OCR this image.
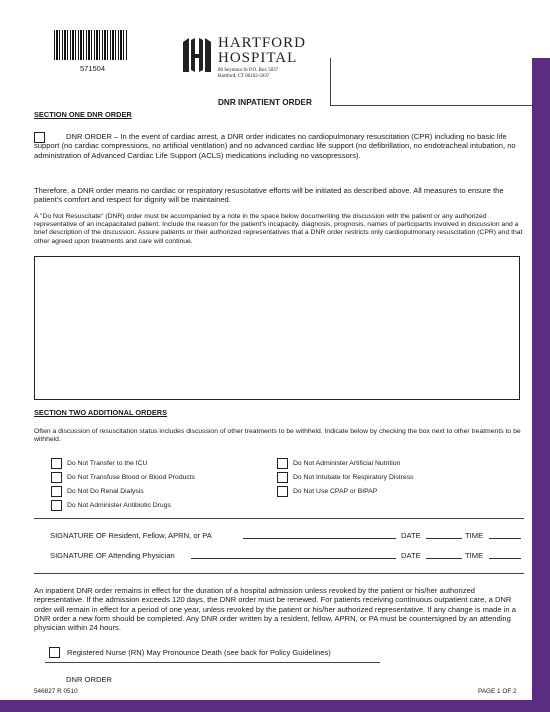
571504
HARTFORD
HOSPITAL
80 Seymour St P.O. Box 5037
Hartford, CT 06102-5037
DNR INPATIENT ORDER
SECTION ONE DNR ORDER
DNR ORDER – In the event of cardiac arrest, a DNR order indicates no cardiopulmonary resuscitation (CPR) including no basic life support (no cardiac compressions, no artificial ventilation) and no advanced cardiac life support (no defibrillation, no endotracheal intubation, no administration of Advanced Cardiac Life Support (ACLS) medications including no vasopressors).
Therefore, a DNR order means no cardiac or respiratory resuscitative efforts will be initiated as described above. All measures to ensure the patient's comfort and respect for dignity will be maintained.
A "Do Not Resuscitate" (DNR) order must be accompanied by a note in the space below documenting the discussion with the patient or any authorized representative of an incapacitated patient. Include the reason for the patient's incapacity, diagnosis, prognosis, names of participants involved in discussion and a brief description of the discussion. Assure patients or their authorized representatives that a DNR order restricts only cardiopulmonary resuscitation (CPR) and that other agreed upon treatments and care will continue.
SECTION TWO ADDITIONAL ORDERS
Often a discussion of resuscitation status includes discussion of other treatments to be withheld. Indicate below by checking the box next to other treatments to be withheld.
Do Not Transfer to the ICU
Do Not Transfuse Blood or Blood Products
Do Not Do Renal Dialysis
Do Not Administer Antibiotic Drugs
Do Not Administer Artificial Nutrition
Do Not Intubate for Respiratory Distress
Do Not Use CPAP or BIPAP
SIGNATURE OF Resident, Fellow, APRN, or PA	DATE	TIME
SIGNATURE OF Attending Physician	DATE	TIME
An inpatient DNR order remains in effect for the duration of a hospital admission unless revoked by the patient or his/her authorized representative. If the admission exceeds 120 days, the DNR order must be renewed. For patients receiving continuous outpatient care, a DNR order will remain in effect for a period of one year, unless revoked by the patient or his/her authorized representative. If any change is made in a DNR order a new form should be completed. Any DNR order written by a resident, fellow, APRN, or PA must be countersigned by an attending physician within 24 hours.
Registered Nurse (RN) May Pronounce Death (see back for Policy Guidelines)
DNR ORDER
546827 R 0510	PAGE 1 OF 2
